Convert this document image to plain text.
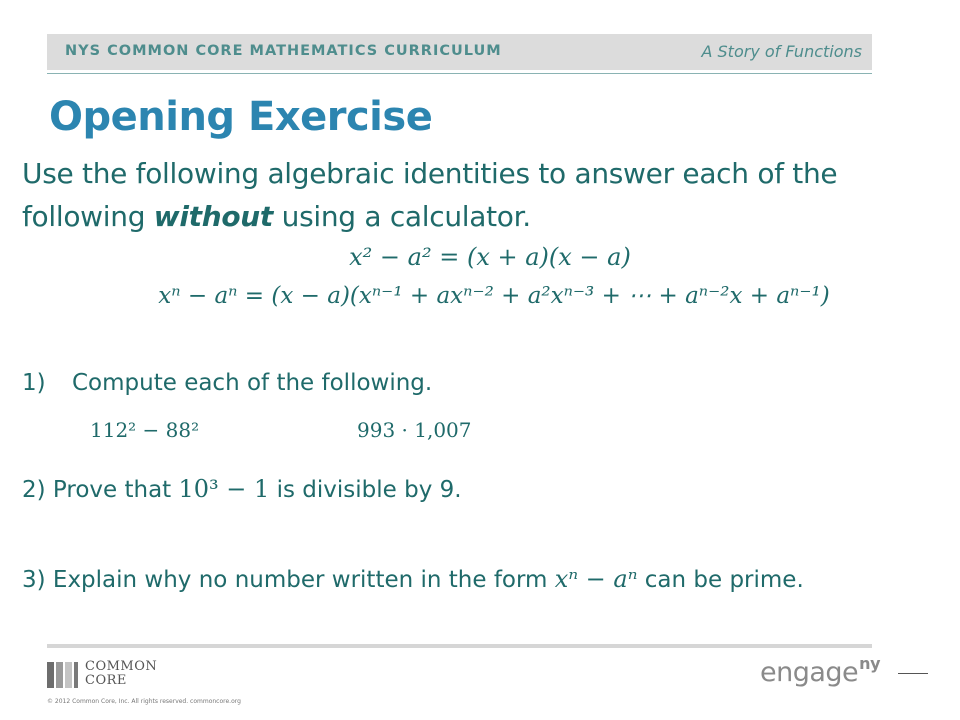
NYS COMMON CORE MATHEMATICS CURRICULUM	A Story of Functions
Opening Exercise
Use the following algebraic identities to answer each of the following without using a calculator.
x² − a² = (x + a)(x − a)
xⁿ − aⁿ = (x − a)(xⁿ⁻¹ + axⁿ⁻² + a²xⁿ⁻³ + ⋯ + aⁿ⁻²x + aⁿ⁻¹)
1) Compute each of the following.
112² − 88²	993 · 1,007
2) Prove that 10³ − 1 is divisible by 9.
3) Explain why no number written in the form xⁿ − aⁿ can be prime.
COMMON
CORE
© 2012 Common Core, Inc. All rights reserved. commoncore.org
engage$^{ny}$
